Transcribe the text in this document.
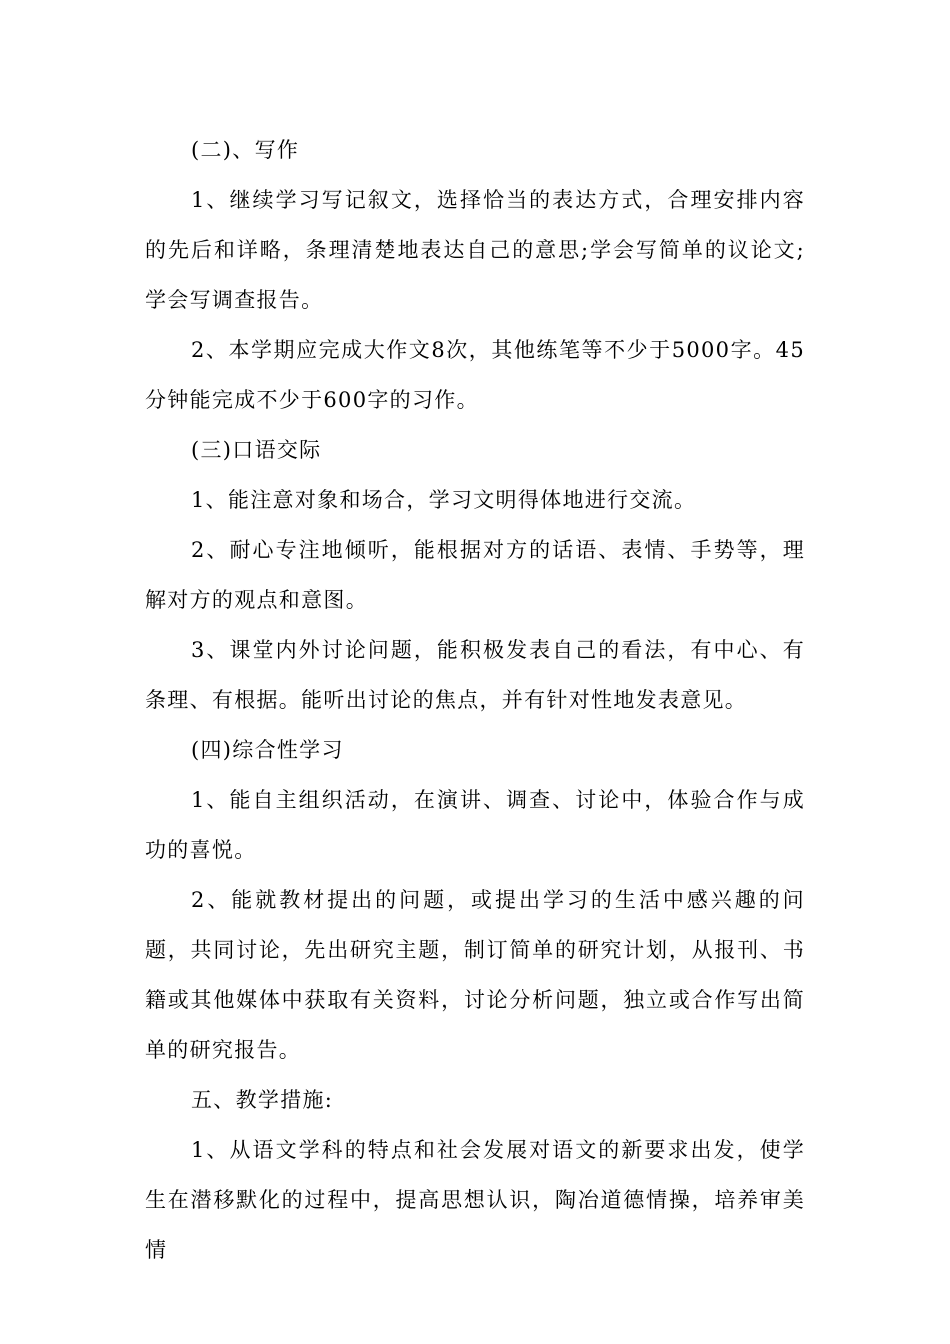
(二)、写作

1、继续学习写记叙文，选择恰当的表达方式，合理安排内容的先后和详略，条理清楚地表达自己的意思;学会写简单的议论文;学会写调查报告。

2、本学期应完成大作文8次，其他练笔等不少于5000字。45分钟能完成不少于600字的习作。

(三)口语交际

1、能注意对象和场合，学习文明得体地进行交流。

2、耐心专注地倾听，能根据对方的话语、表情、手势等，理解对方的观点和意图。

3、课堂内外讨论问题，能积极发表自己的看法，有中心、有条理、有根据。能听出讨论的焦点，并有针对性地发表意见。

(四)综合性学习

1、能自主组织活动，在演讲、调查、讨论中，体验合作与成功的喜悦。

2、能就教材提出的问题，或提出学习的生活中感兴趣的问题，共同讨论，先出研究主题，制订简单的研究计划，从报刊、书籍或其他媒体中获取有关资料，讨论分析问题，独立或合作写出简单的研究报告。

五、教学措施:

1、从语文学科的特点和社会发展对语文的新要求出发，使学生在潜移默化的过程中，提高思想认识，陶冶道德情操，培养审美情
